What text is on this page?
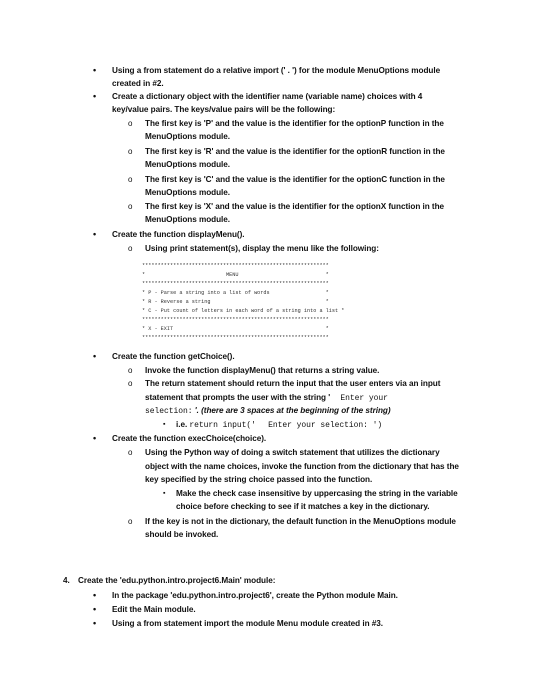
• Using a from statement do a relative import (' . ') for the module MenuOptions module
created in #2.
• Create a dictionary object with the identifier name (variable name) choices with 4
key/value pairs. The keys/value pairs will be the following:
o The first key is 'P' and the value is the identifier for the optionP function in the
MenuOptions module.
o The first key is 'R' and the value is the identifier for the optionR function in the
MenuOptions module.
o The first key is 'C' and the value is the identifier for the optionC function in the
MenuOptions module.
o The first key is 'X' and the value is the identifier for the optionX function in the
MenuOptions module.
• Create the function displayMenu().
o Using print statement(s), display the menu like the following:
************************************************************
*                          MENU                            *
************************************************************
* P - Parse a string into a list of words                  *
* R - Reverse a string                                     *
* C - Put count of letters in each word of a string into a list *
************************************************************
* X - EXIT                                                 *
************************************************************
• Create the function getChoice().
o Invoke the function displayMenu() that returns a string value.
o The return statement should return the input that the user enters via an input
statement that prompts the user with the string ' Enter your
selection: '. (there are 3 spaces at the beginning of the string)
▪ i.e. return input(' Enter your selection: ')
• Create the function execChoice(choice).
o Using the Python way of doing a switch statement that utilizes the dictionary
object with the name choices, invoke the function from the dictionary that has the
key specified by the string choice passed into the function.
▪ Make the check case insensitive by uppercasing the string in the variable
choice before checking to see if it matches a key in the dictionary.
o If the key is not in the dictionary, the default function in the MenuOptions module
should be invoked.
4. Create the 'edu.python.intro.project6.Main' module:
• In the package 'edu.python.intro.project6', create the Python module Main.
• Edit the Main module.
• Using a from statement import the module Menu module created in #3.
